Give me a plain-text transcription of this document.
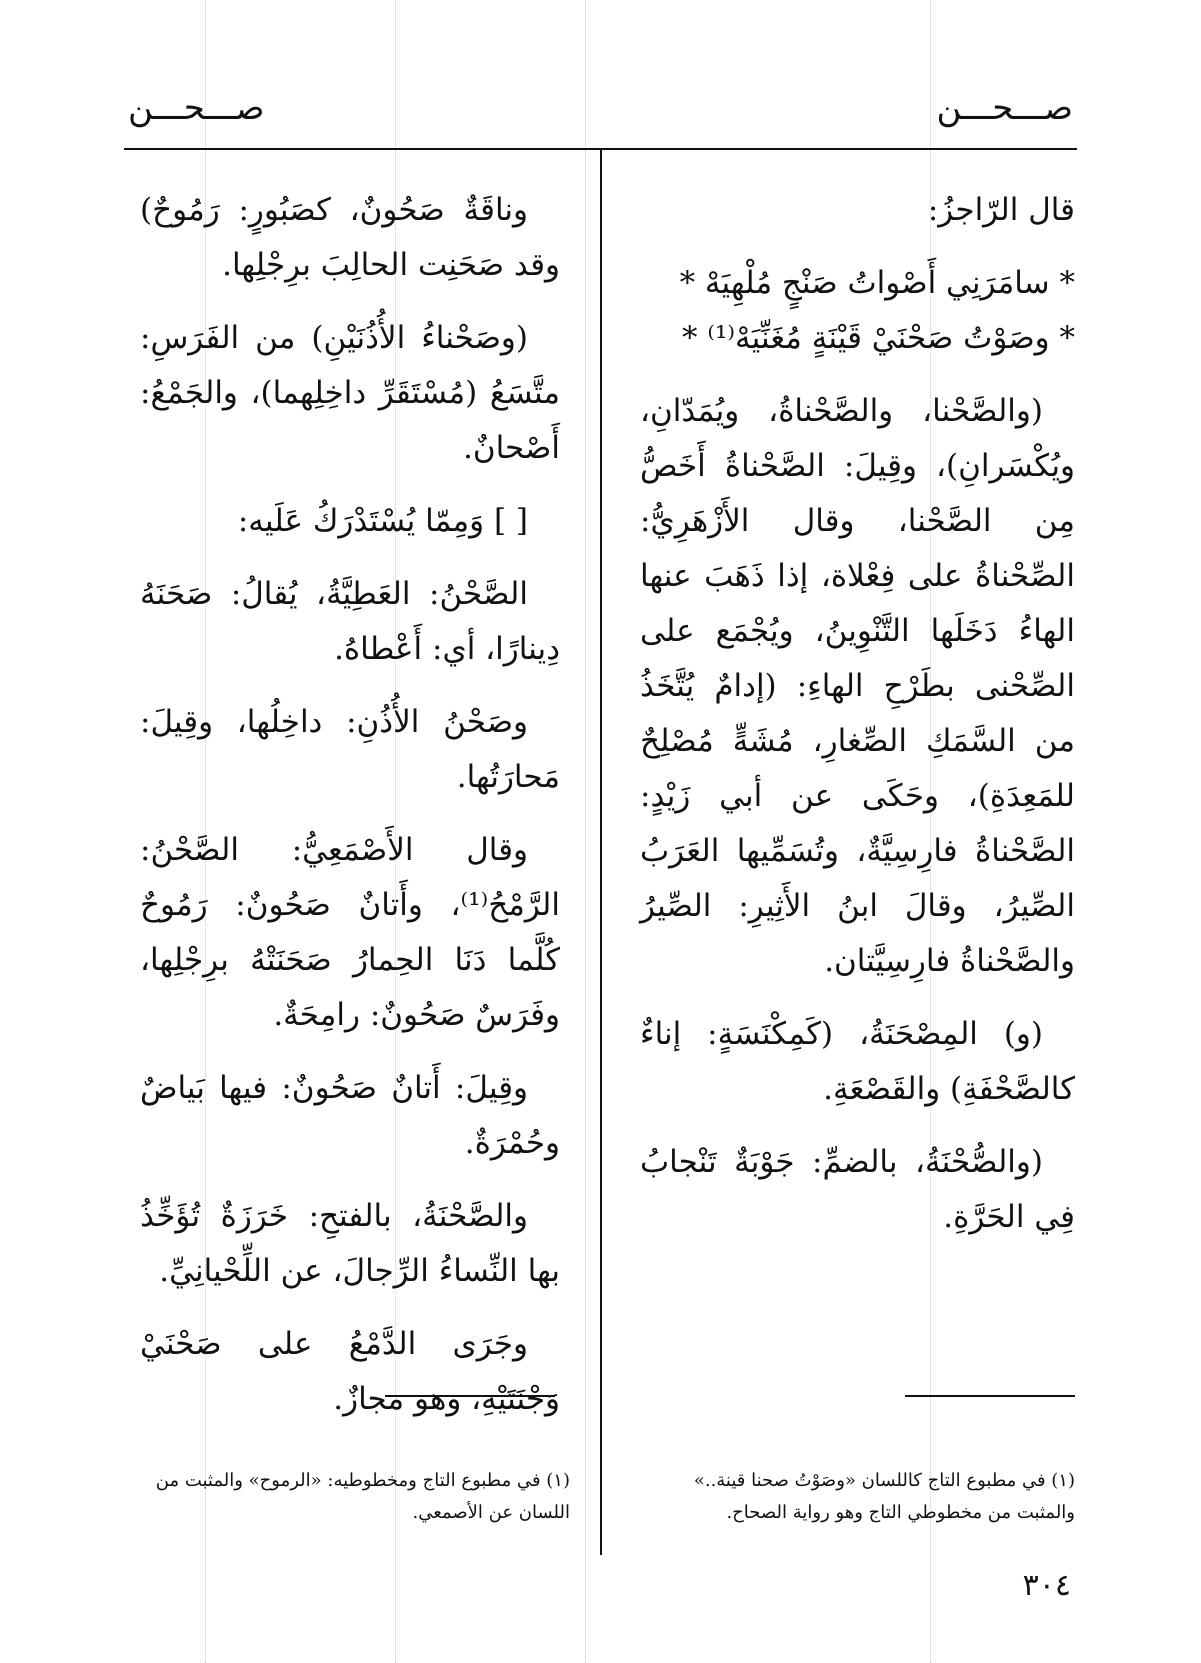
صـــحـــن
صـــحـــن

قال الرّاجزُ:

* سامَرَنِي أَصْواتُ صَنْجٍ مُلْهِيَهْ *

* وصَوْتُ صَحْنَيْ قَيْنَةٍ مُغَنِّيَهْ⁽¹⁾ *

(والصَّحْنا، والصَّحْناةُ، ويُمَدّانِ، ويُكْسَرانِ)، وقِيلَ: الصَّحْناةُ أَخَصُّ مِن الصَّحْنا، وقال الأَزْهَرِيُّ: الصِّحْناةُ على فِعْلاة، إذا ذَهَبَ عنها الهاءُ دَخَلَها التَّنْوِينُ، ويُجْمَع على الصِّحْنى بطَرْحِ الهاءِ: (إدامٌ يُتَّخَذُ من السَّمَكِ الصِّغارِ، مُشَهٍّ مُصْلِحٌ للمَعِدَةِ)، وحَكَى عن أبي زَيْدٍ: الصَّحْناةُ فارِسِيَّةٌ، وتُسَمِّيها العَرَبُ الصِّيرُ، وقالَ ابنُ الأَثِيرِ: الصِّيرُ والصَّحْناةُ فارِسِيَّتان.

(و) المِصْحَنَةُ، (كَمِكْنَسَةٍ: إناءٌ كالصَّحْفَةِ) والقَصْعَةِ.

(والصُّحْنَةُ، بالضمِّ: جَوْبَةٌ تَنْجابُ فِي الحَرَّةِ.

وناقَةٌ صَحُونٌ، كصَبُورٍ: رَمُوحٌ) وقد صَحَنِت الحالِبَ برِجْلِها.

(وصَحْناءُ الأُذُنَيْنِ) من الفَرَسِ: متَّسَعُ (مُسْتَقَرِّ داخِلِهما)، والجَمْعُ: أَصْحانٌ.

[ ] وَمِمّا يُسْتَدْرَكُ عَلَيه:

الصَّحْنُ: العَطِيَّةُ، يُقالُ: صَحَنَهُ دِينارًا، أي: أَعْطاهُ.

وصَحْنُ الأُذُنِ: داخِلُها، وقِيلَ: مَحارَتُها.

وقال الأَصْمَعِيُّ: الصَّحْنُ: الرَّمْحُ⁽¹⁾، وأَتانٌ صَحُونٌ: رَمُوحٌ كُلَّما دَنَا الحِمارُ صَحَنَتْهُ برِجْلِها، وفَرَسٌ صَحُونٌ: رامِحَةٌ.

وقِيلَ: أَتانٌ صَحُونٌ: فيها بَياضٌ وحُمْرَةٌ.

والصَّحْنَةُ، بالفتحِ: خَرَزَةٌ تُؤَخِّذُ بها النِّساءُ الرِّجالَ، عن اللِّحْيانِيِّ.

وجَرَى الدَّمْعُ على صَحْنَيْ وَجْنَتَيْهِ، وهو مجازٌ.

(١) في مطبوع التاج كاللسان «وصَوْتُ صحنا قينة..» والمثبت من مخطوطي التاج وهو رواية الصحاح.
(١) في مطبوع التاج ومخطوطيه: «الرموح» والمثبت من اللسان عن الأصمعي.
٣٠٤
